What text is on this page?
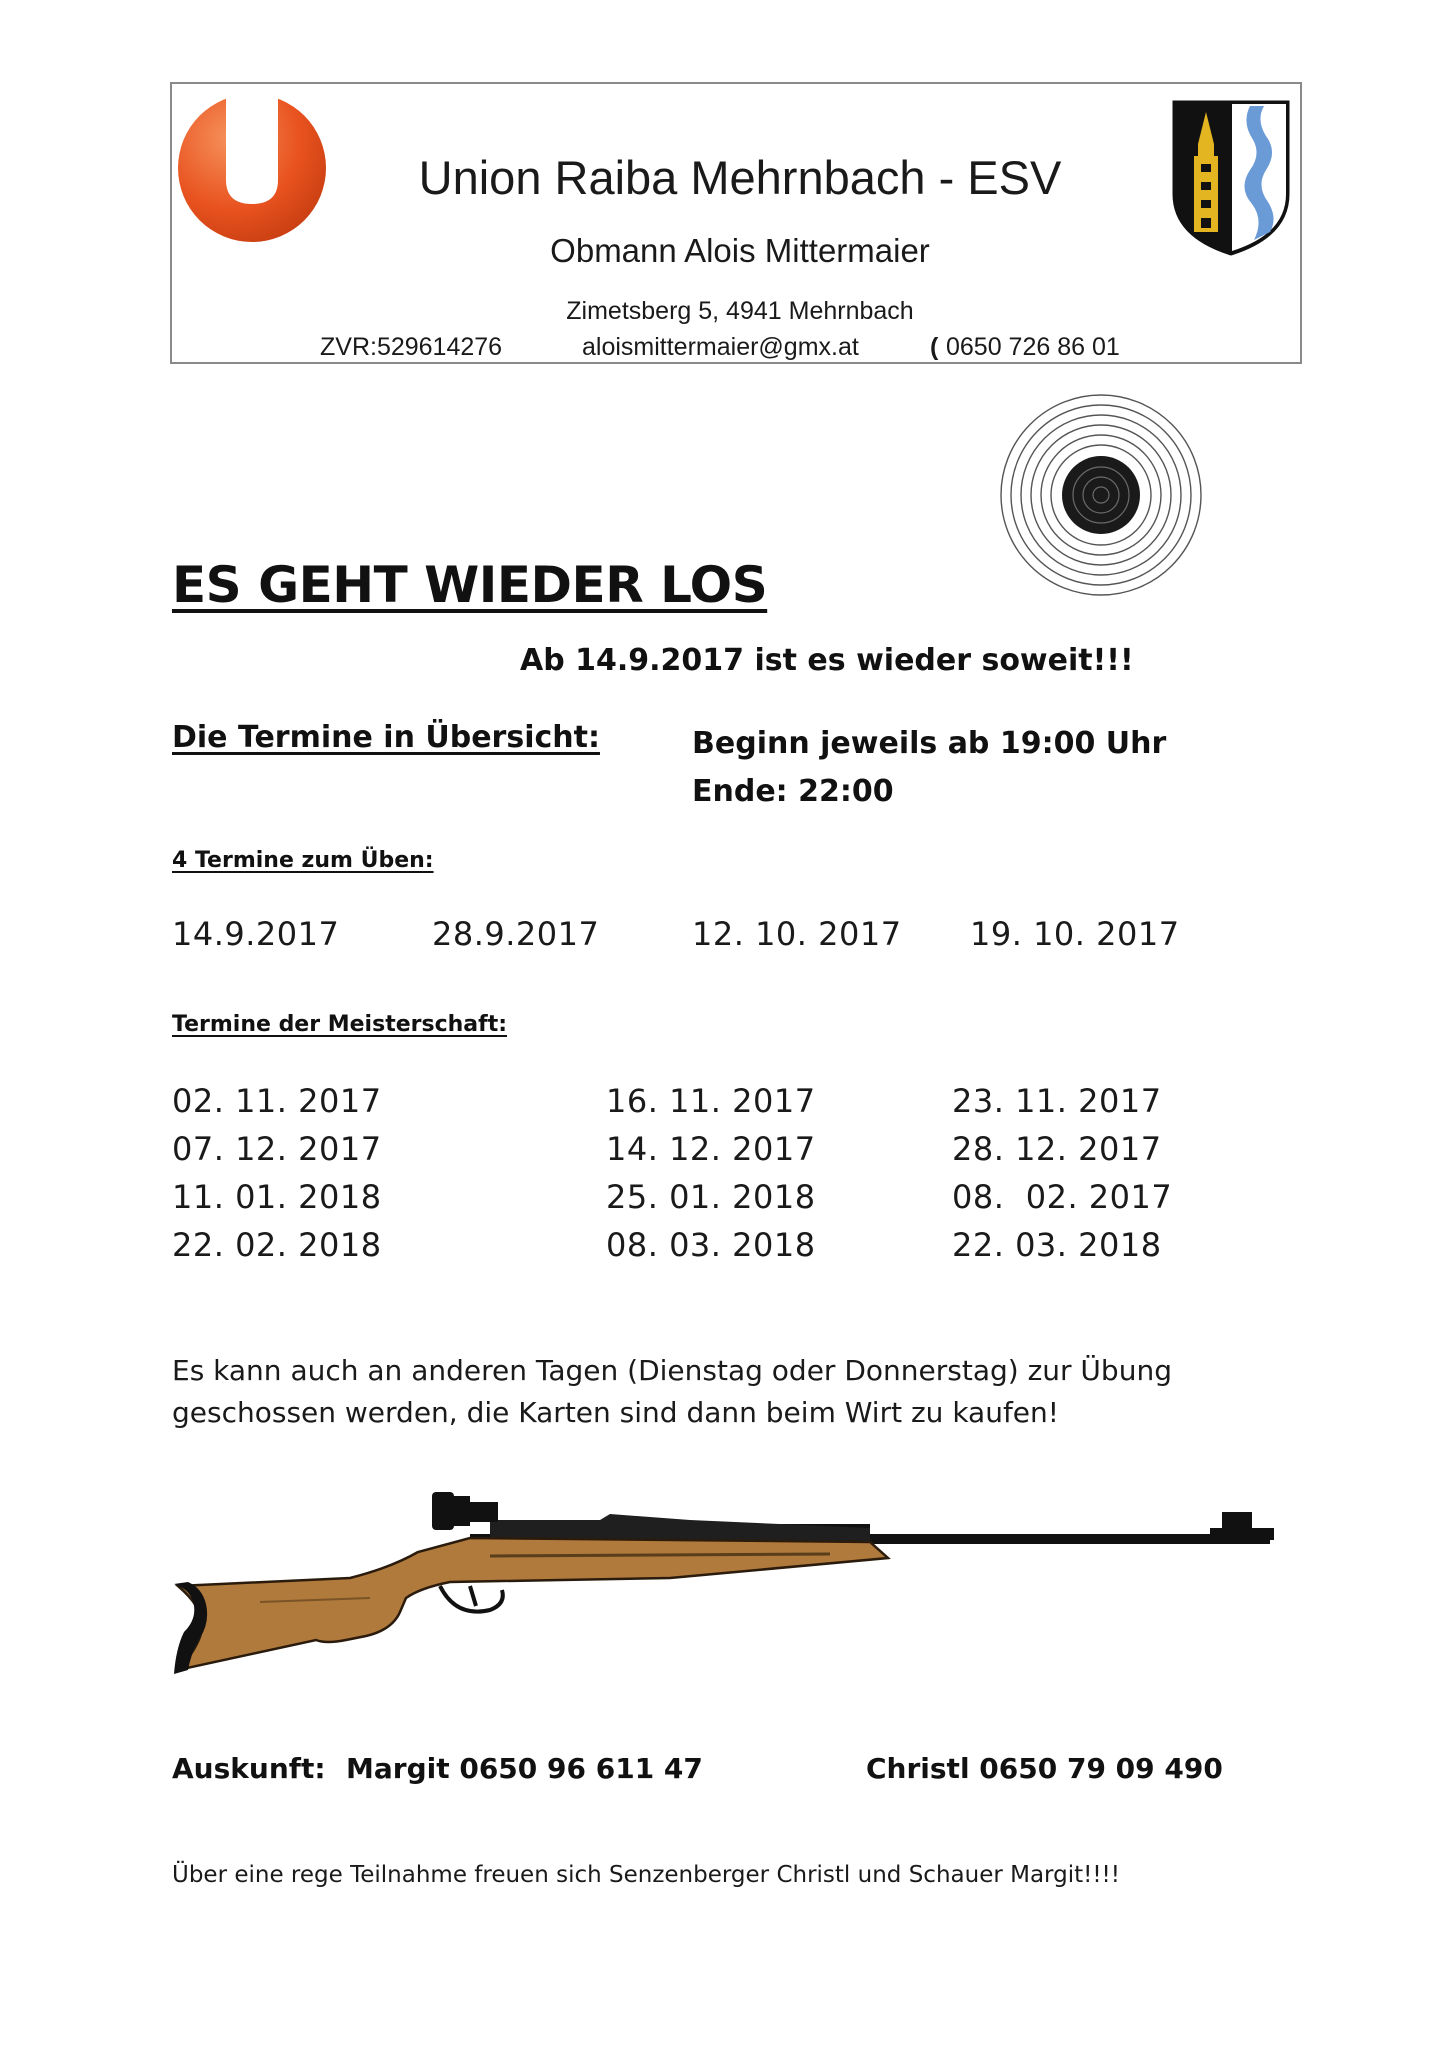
U
Union Raiba Mehrnbach - ESV
Obmann Alois Mittermaier
Zimetsberg 5, 4941 Mehrnbach
ZVR:529614276	aloismittermaier@gmx.at	( 0650 726 86 01
ES GEHT WIEDER LOS
Ab 14.9.2017 ist es wieder soweit!!!
Die Termine in Übersicht:	Beginn jeweils ab 19:00 Uhr
Ende: 22:00
4 Termine zum Üben:
14.9.2017	28.9.2017	12. 10. 2017 19. 10. 2017
Termine der Meisterschaft:
02. 11. 2017	16. 11. 2017	23. 11. 2017
07. 12. 2017	14. 12. 2017	28. 12. 2017
11. 01. 2018	25. 01. 2018	08.  02. 2017
22. 02. 2018	08. 03. 2018	22. 03. 2018
Es kann auch an anderen Tagen (Dienstag oder Donnerstag) zur Übung geschossen werden, die Karten sind dann beim Wirt zu kaufen!
Auskunft: Margit 0650 96 611 47	Christl 0650 79 09 490
Über eine rege Teilnahme freuen sich Senzenberger Christl und Schauer Margit!!!!
